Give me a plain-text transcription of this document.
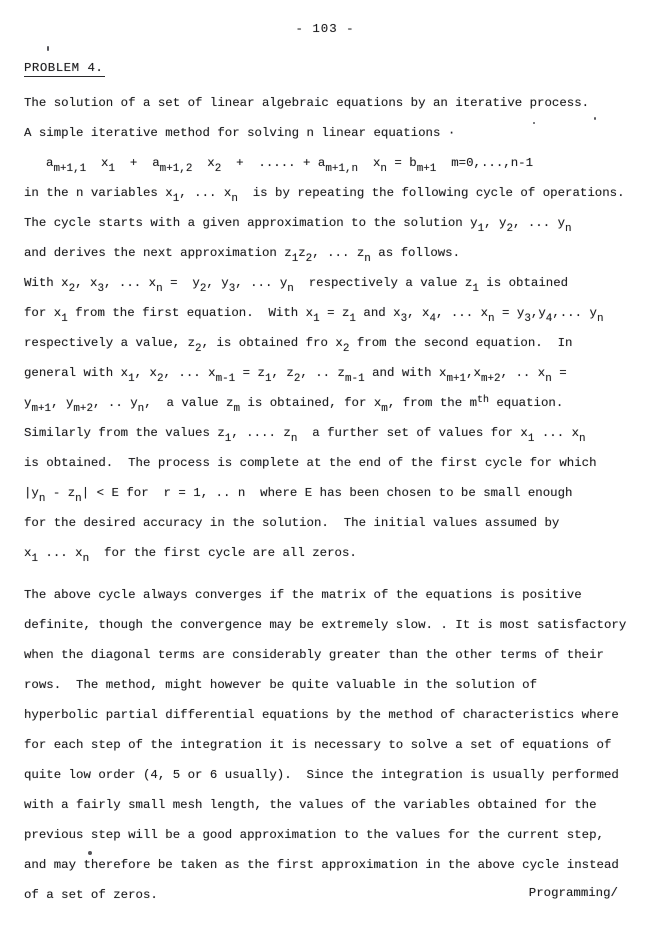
- 103 -
PROBLEM 4.
The solution of a set of linear algebraic equations by an iterative process.
A simple iterative method for solving n linear equations ·
$a_{m+1,1}$  $x_1 + a_{m+1,2}$  $x_2$  +  ..... + $a_{m+1,n}$  $x_n = b_{m+1}$  m=0,...,n-1
in the n variables $x_1$, ... $x_n$  is by repeating the following cycle of operations.
The cycle starts with a given approximation to the solution $y_1$, $y_2$, ... $y_n$
and derives the next approximation $z_1z_2$, ... $z_n$ as follows.
With $x_2$, $x_3$, ... $x_n = y_2$, $y_3$, ... $y_n$  respectively a value $z_1$ is obtained
for $x_1$ from the first equation.  With $x_1 = z_1$ and $x_3$, $x_4$, ... $x_n = y_3,y_4$,... $y_n$
respectively a value, $z_2$, is obtained fro $x_2$ from the second equation.  In
general with $x_1$, $x_2$, ... $x_{m-1} = z_1$, $z_2$, .. $z_{m-1}$ and with $x_{m+1},x_{m+2}$, .. $x_n$ =
$y_{m+1}$, $y_{m+2}$, .. $y_n$,  a value $z_m$ is obtained, for $x_m$, from the $m^{th}$ equation.
Similarly from the values $z_1$, .... $z_n$  a further set of values for $x_1$ ... $x_n$
is obtained.  The process is complete at the end of the first cycle for which
$|y_n - z_n| < E$ for  r = 1, .. n  where E has been chosen to be small enough
for the desired accuracy in the solution.  The initial values assumed by
$x_1$ ... $x_n$  for the first cycle are all zeros.
The above cycle always converges if the matrix of the equations is positive
definite, though the convergence may be extremely slow. . It is most satisfactory
when the diagonal terms are considerably greater than the other terms of their
rows.  The method, might however be quite valuable in the solution of
hyperbolic partial differential equations by the method of characteristics where
for each step of the integration it is necessary to solve a set of equations of
quite low order (4, 5 or 6 usually).  Since the integration is usually performed
with a fairly small mesh length, the values of the variables obtained for the
previous step will be a good approximation to the values for the current step,
and may therefore be taken as the first approximation in the above cycle instead
of a set of zeros.	Programming/
